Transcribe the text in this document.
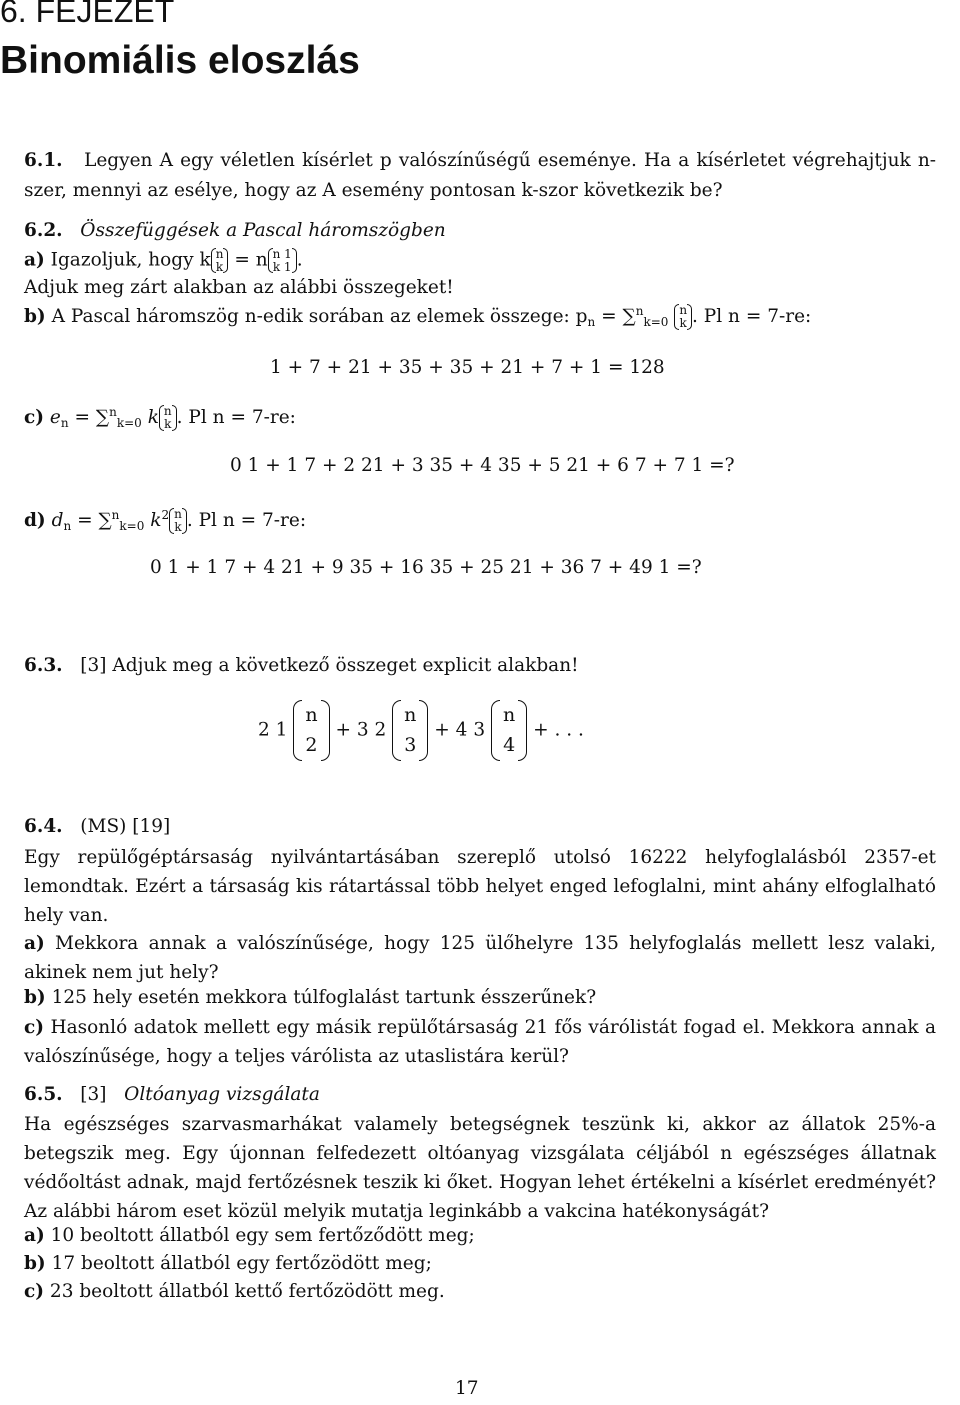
6. FEJEZET
Binomiális eloszlás
6.1. Legyen A egy véletlen kísérlet p valószínűségű eseménye. Ha a kísérletet végrehajtjuk n-szer, mennyi az esélye, hogy az A esemény pontosan k-szor következik be?
6.2. Összefüggések a Pascal háromszögben
a) Igazoljuk, hogy k n
k = n n 1
k 1 .
Adjuk meg zárt alakban az alábbi összegeket!
b) A Pascal háromszög n-edik sorában az elemek összege: $p_n = \sum^n_{k=0}$
n
k . Pl n = 7-re:
1 + 7 + 21 + 35 + 35 + 21 + 7 + 1 = 128
c) $e_n = \sum^n_{k=0}$ k n
k . Pl n = 7-re:
0 1 + 1 7 + 2 21 + 3 35 + 4 35 + 5 21 + 6 7 + 7 1 =?
d) $d_n = \sum^n_{k=0}$ $k^2$ n
k . Pl n = 7-re:
0 1 + 1 7 + 4 21 + 9 35 + 16 35 + 25 21 + 36 7 + 49 1 =?
6.3. [3] Adjuk meg a következő összeget explicit alakban!
2 1
n
2
+ 3 2
n
3
+ 4 3
n
4
+ . . .
6.4. (MS) [19]
Egy repülőgéptársaság nyilvántartásában szereplő utolsó 16222 helyfoglalásból 2357-et lemondtak. Ezért a társaság kis rátartással több helyet enged lefoglalni, mint ahány elfoglalható hely van.
a) Mekkora annak a valószínűsége, hogy 125 ülőhelyre 135 helyfoglalás mellett lesz valaki, akinek nem jut hely?
b) 125 hely esetén mekkora túlfoglalást tartunk ésszerűnek?
c) Hasonló adatok mellett egy másik repülőtársaság 21 fős várólistát fogad el. Mekkora annak a valószínűsége, hogy a teljes várólista az utaslistára kerül?
6.5. [3] Oltóanyag vizsgálata
Ha egészséges szarvasmarhákat valamely betegségnek teszünk ki, akkor az állatok 25%-a betegszik meg. Egy újonnan felfedezett oltóanyag vizsgálata céljából n egészséges állatnak védőoltást adnak, majd fertőzésnek teszik ki őket. Hogyan lehet értékelni a kísérlet eredményét? Az alábbi három eset közül melyik mutatja leginkább a vakcina hatékonyságát?
a) 10 beoltott állatból egy sem fertőződött meg;
b) 17 beoltott állatból egy fertőzödött meg;
c) 23 beoltott állatból kettő fertőzödött meg.
17
